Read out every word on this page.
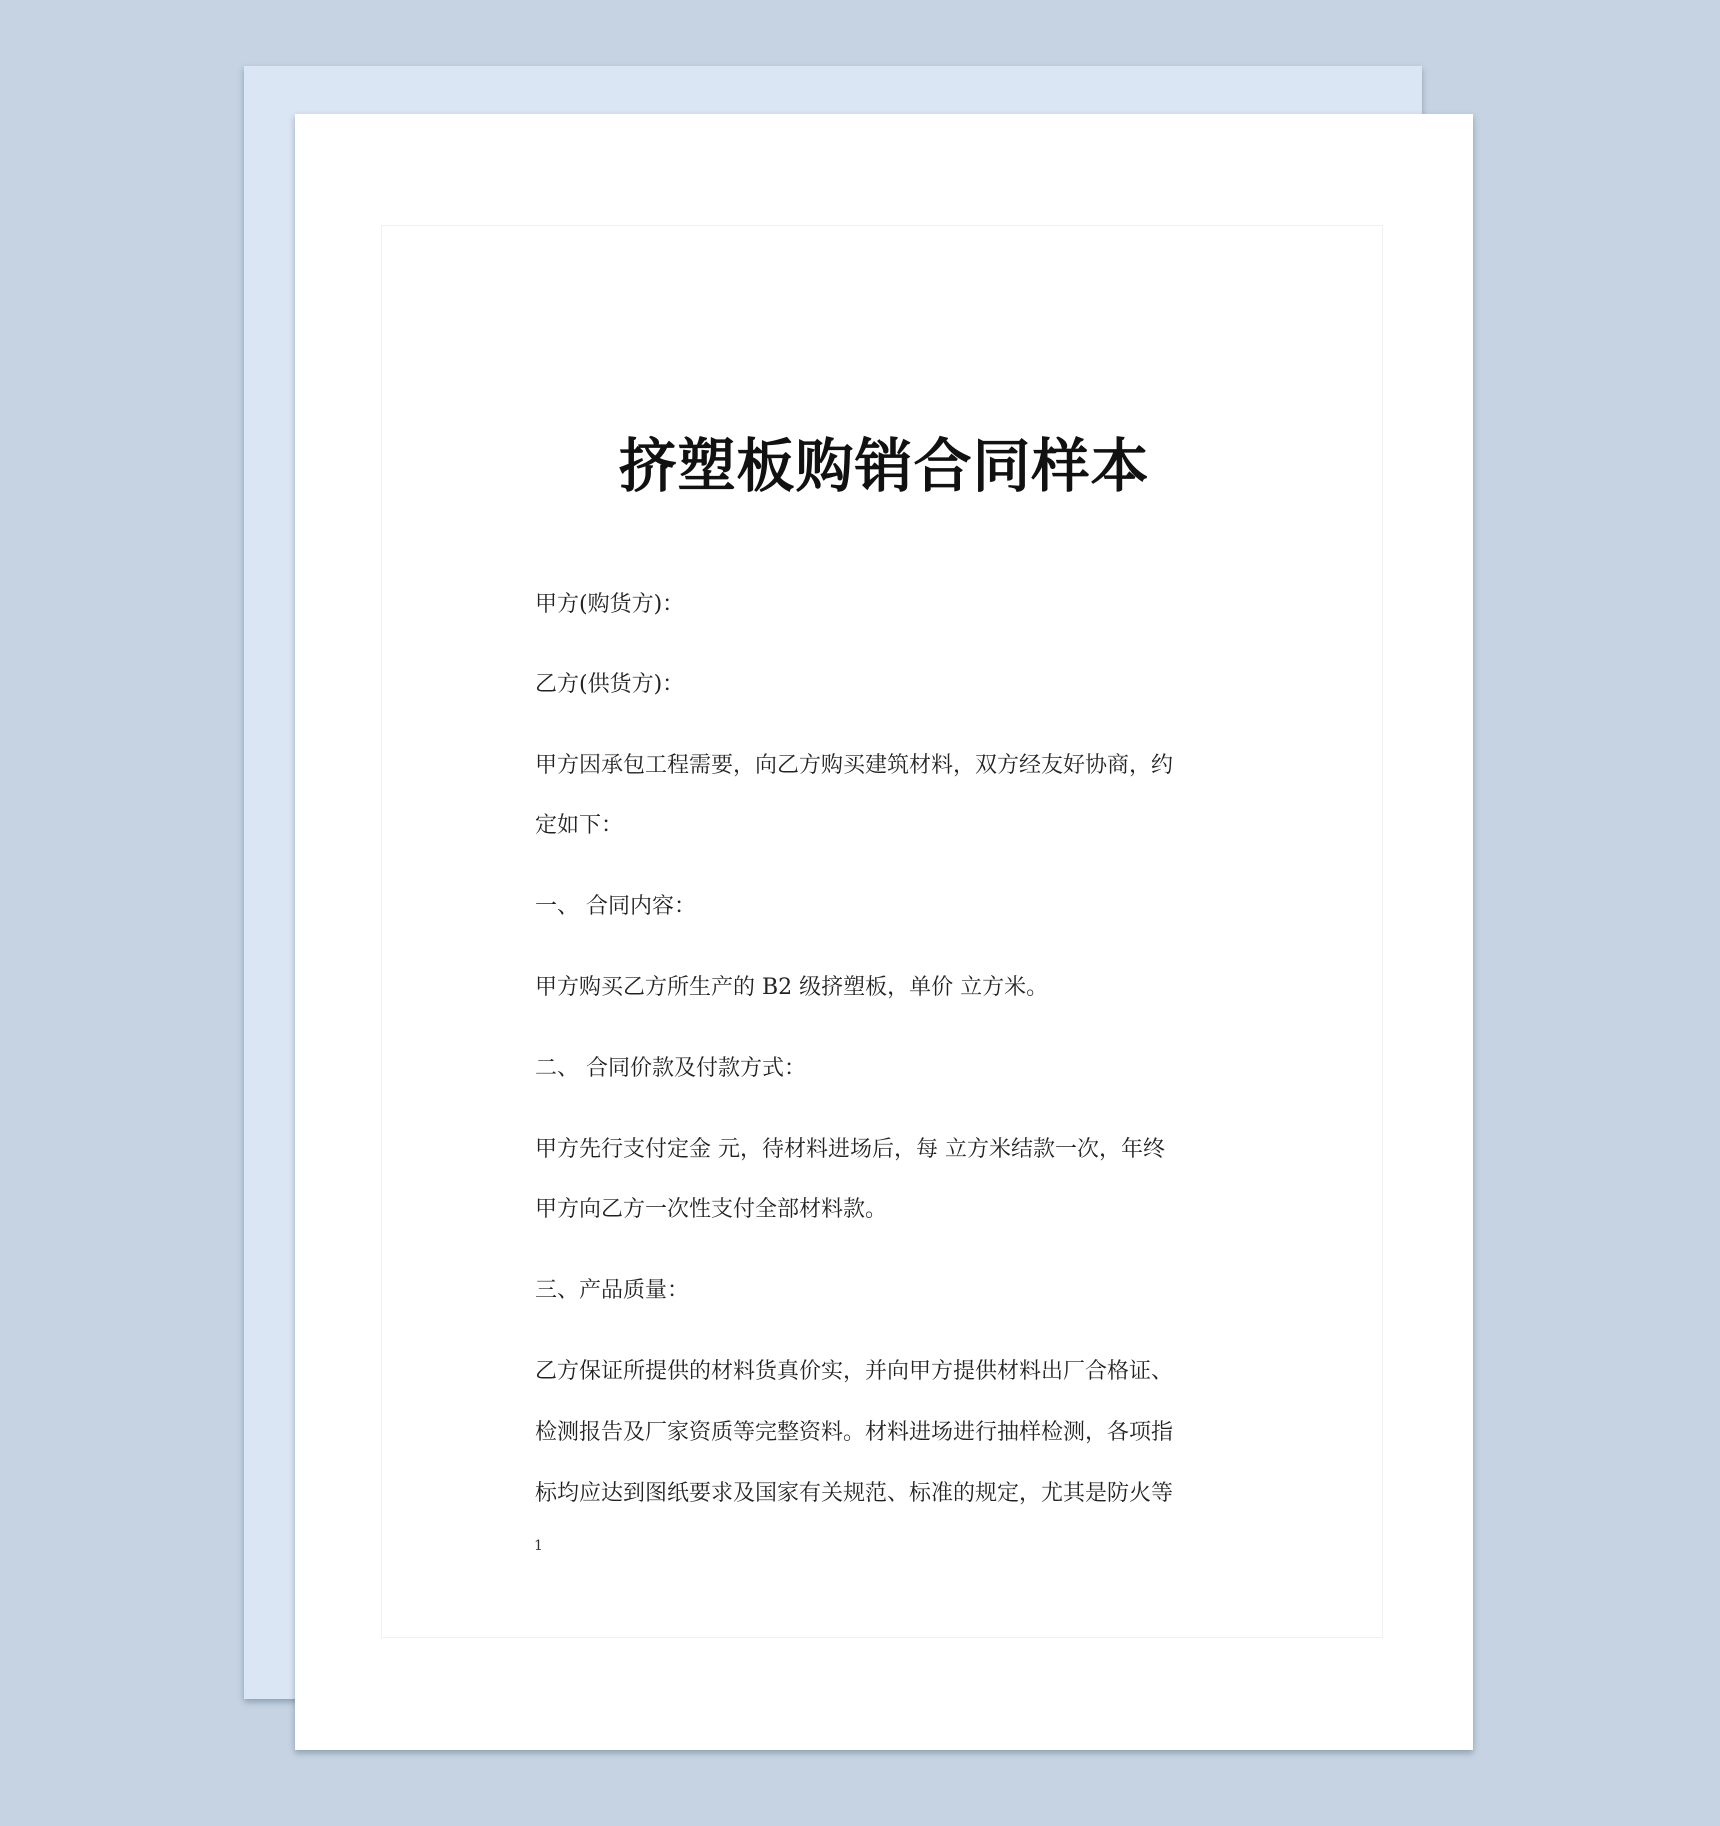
挤塑板购销合同样本

甲方(购货方)：

乙方(供货方)：

甲方因承包工程需要，向乙方购买建筑材料，双方经友好协商，约

定如下：

一、 合同内容：

甲方购买乙方所生产的 B2 级挤塑板，单价 立方米。

二、 合同价款及付款方式：

甲方先行支付定金 元，待材料进场后，每 立方米结款一次，年终

甲方向乙方一次性支付全部材料款。

三、产品质量：

乙方保证所提供的材料货真价实，并向甲方提供材料出厂合格证、

检测报告及厂家资质等完整资料。材料进场进行抽样检测，各项指

标均应达到图纸要求及国家有关规范、标准的规定，尤其是防火等

1
